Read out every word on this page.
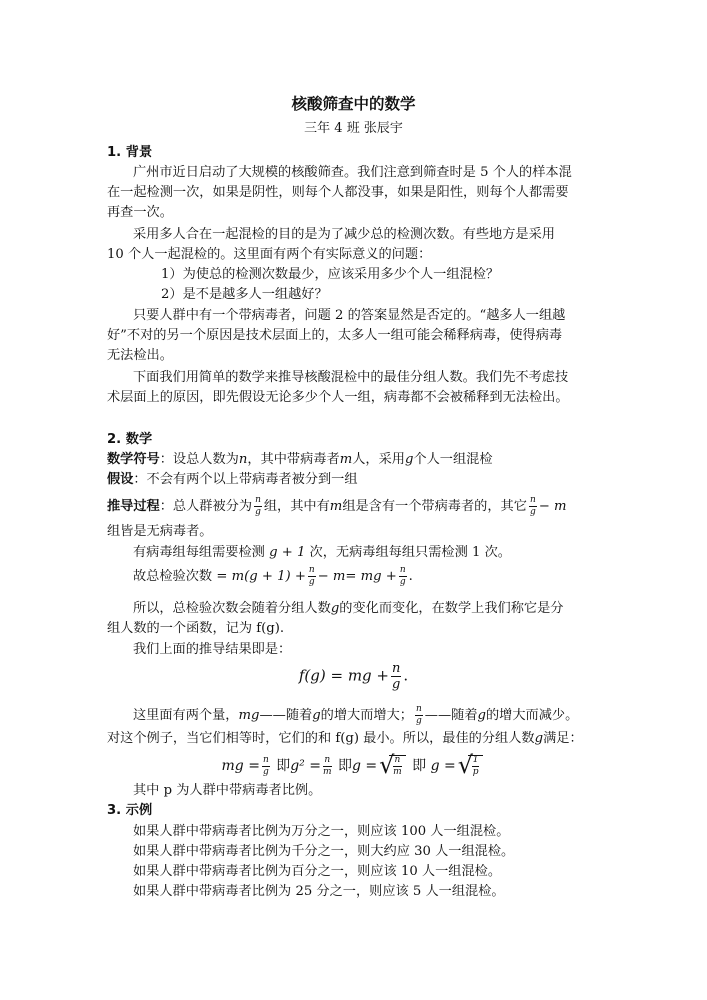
核酸筛查中的数学
三年 4 班 张辰宇
1. 背景
广州市近日启动了大规模的核酸筛查。我们注意到筛查时是 5 个人的样本混
在一起检测一次，如果是阴性，则每个人都没事，如果是阳性，则每个人都需要
再查一次。
采用多人合在一起混检的目的是为了减少总的检测次数。有些地方是采用
10 个人一起混检的。这里面有两个有实际意义的问题：
1）为使总的检测次数最少，应该采用多少个人一组混检？
2）是不是越多人一组越好？
只要人群中有一个带病毒者，问题 2 的答案显然是否定的。“越多人一组越
好”不对的另一个原因是技术层面上的，太多人一组可能会稀释病毒，使得病毒
无法检出。
下面我们用简单的数学来推导核酸混检中的最佳分组人数。我们先不考虑技
术层面上的原因，即先假设无论多少个人一组，病毒都不会被稀释到无法检出。
2. 数学
数学符号：设总人数为n，其中带病毒者m人，采用g个人一组混检
假设：不会有两个以上带病毒者被分到一组
推导过程：总人群被分为 $\frac{n}{g}$ 组，其中有m组是含有一个带病毒者的，其它 $\frac{n}{g} - m$
组皆是无病毒者。
有病毒组每组需要检测 g + 1 次，无病毒组每组只需检测 1 次。
故总检验次数 = $m(g + 1) + \frac{n}{g} - m=$ mg + $\frac{n}{g}$ .
所以，总检验次数会随着分组人数g的变化而变化，在数学上我们称它是分
组人数的一个函数，记为 f(g).
我们上面的推导结果即是：
f(g) = mg + $\frac{n}{g}$ .
这里面有两个量，mg——随着g的增大而增大； $\frac{n}{g}$ ——随着g的增大而减少。
对这个例子，当它们相等时，它们的和 f(g) 最小。所以，最佳的分组人数g满足：
mg = $\frac{n}{g}$ 即$g^2 = \frac{n}{m}$ 即g = √
$\frac{n}{m}$ 即 g = √
$\frac{1}{p}$
其中 p 为人群中带病毒者比例。
3. 示例
如果人群中带病毒者比例为万分之一，则应该 100 人一组混检。
如果人群中带病毒者比例为千分之一，则大约应 30 人一组混检。
如果人群中带病毒者比例为百分之一，则应该 10 人一组混检。
如果人群中带病毒者比例为 25 分之一，则应该 5 人一组混检。
